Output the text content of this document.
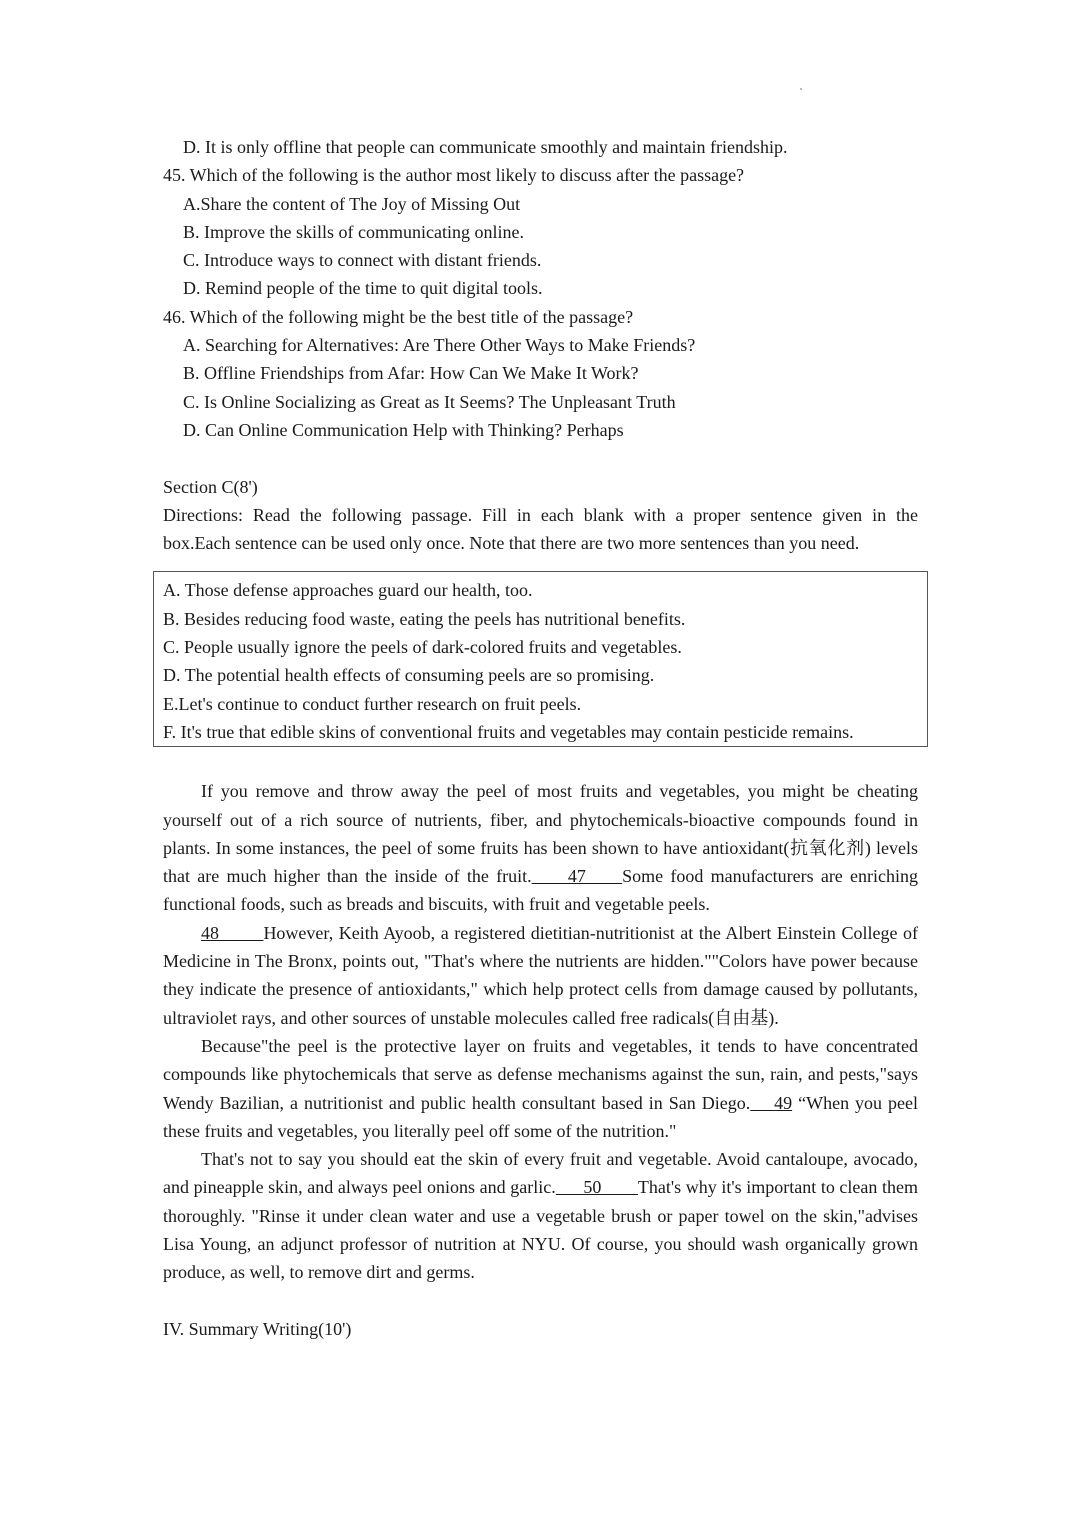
D. It is only offline that people can communicate smoothly and maintain friendship.
45. Which of the following is the author most likely to discuss after the passage?
A.Share the content of The Joy of Missing Out
B. Improve the skills of communicating online.
C. Introduce ways to connect with distant friends.
D. Remind people of the time to quit digital tools.
46. Which of the following might be the best title of the passage?
A. Searching for Alternatives: Are There Other Ways to Make Friends?
B. Offline Friendships from Afar: How Can We Make It Work?
C. Is Online Socializing as Great as It Seems? The Unpleasant Truth
D. Can Online Communication Help with Thinking? Perhaps
Section C(8')
Directions: Read the following passage. Fill in each blank with a proper sentence given in the
box.Each sentence can be used only once. Note that there are two more sentences than you need.
A. Those defense approaches guard our health, too.
B. Besides reducing food waste, eating the peels has nutritional benefits.
C. People usually ignore the peels of dark-colored fruits and vegetables.
D. The potential health effects of consuming peels are so promising.
E.Let's continue to conduct further research on fruit peels.
F. It's true that edible skins of conventional fruits and vegetables may contain pesticide remains.
If you remove and throw away the peel of most fruits and vegetables, you might be cheating yourself out of a rich source of nutrients, fiber, and phytochemicals-bioactive compounds found in plants. In some instances, the peel of some fruits has been shown to have antioxidant(抗氧化剂) levels that are much higher than the inside of the fruit.     47     Some food manufacturers are enriching functional foods, such as breads and biscuits, with fruit and vegetable peels.
48        However, Keith Ayoob, a registered dietitian-nutritionist at the Albert Einstein College of Medicine in The Bronx, points out, "That's where the nutrients are hidden.""Colors have power because they indicate the presence of antioxidants," which help protect cells from damage caused by pollutants, ultraviolet rays, and other sources of unstable molecules called free radicals(自由基).
Because"the peel is the protective layer on fruits and vegetables, it tends to have concentrated compounds like phytochemicals that serve as defense mechanisms against the sun, rain, and pests,"says Wendy Bazilian, a nutritionist and public health consultant based in San Diego.    49 “When you peel these fruits and vegetables, you literally peel off some of the nutrition."
That's not to say you should eat the skin of every fruit and vegetable. Avoid cantaloupe, avocado, and pineapple skin, and always peel onions and garlic.      50        That's why it's important to clean them thoroughly. "Rinse it under clean water and use a vegetable brush or paper towel on the skin,"advises Lisa Young, an adjunct professor of nutrition at NYU. Of course, you should wash organically grown produce, as well, to remove dirt and germs.
IV. Summary Writing(10')
